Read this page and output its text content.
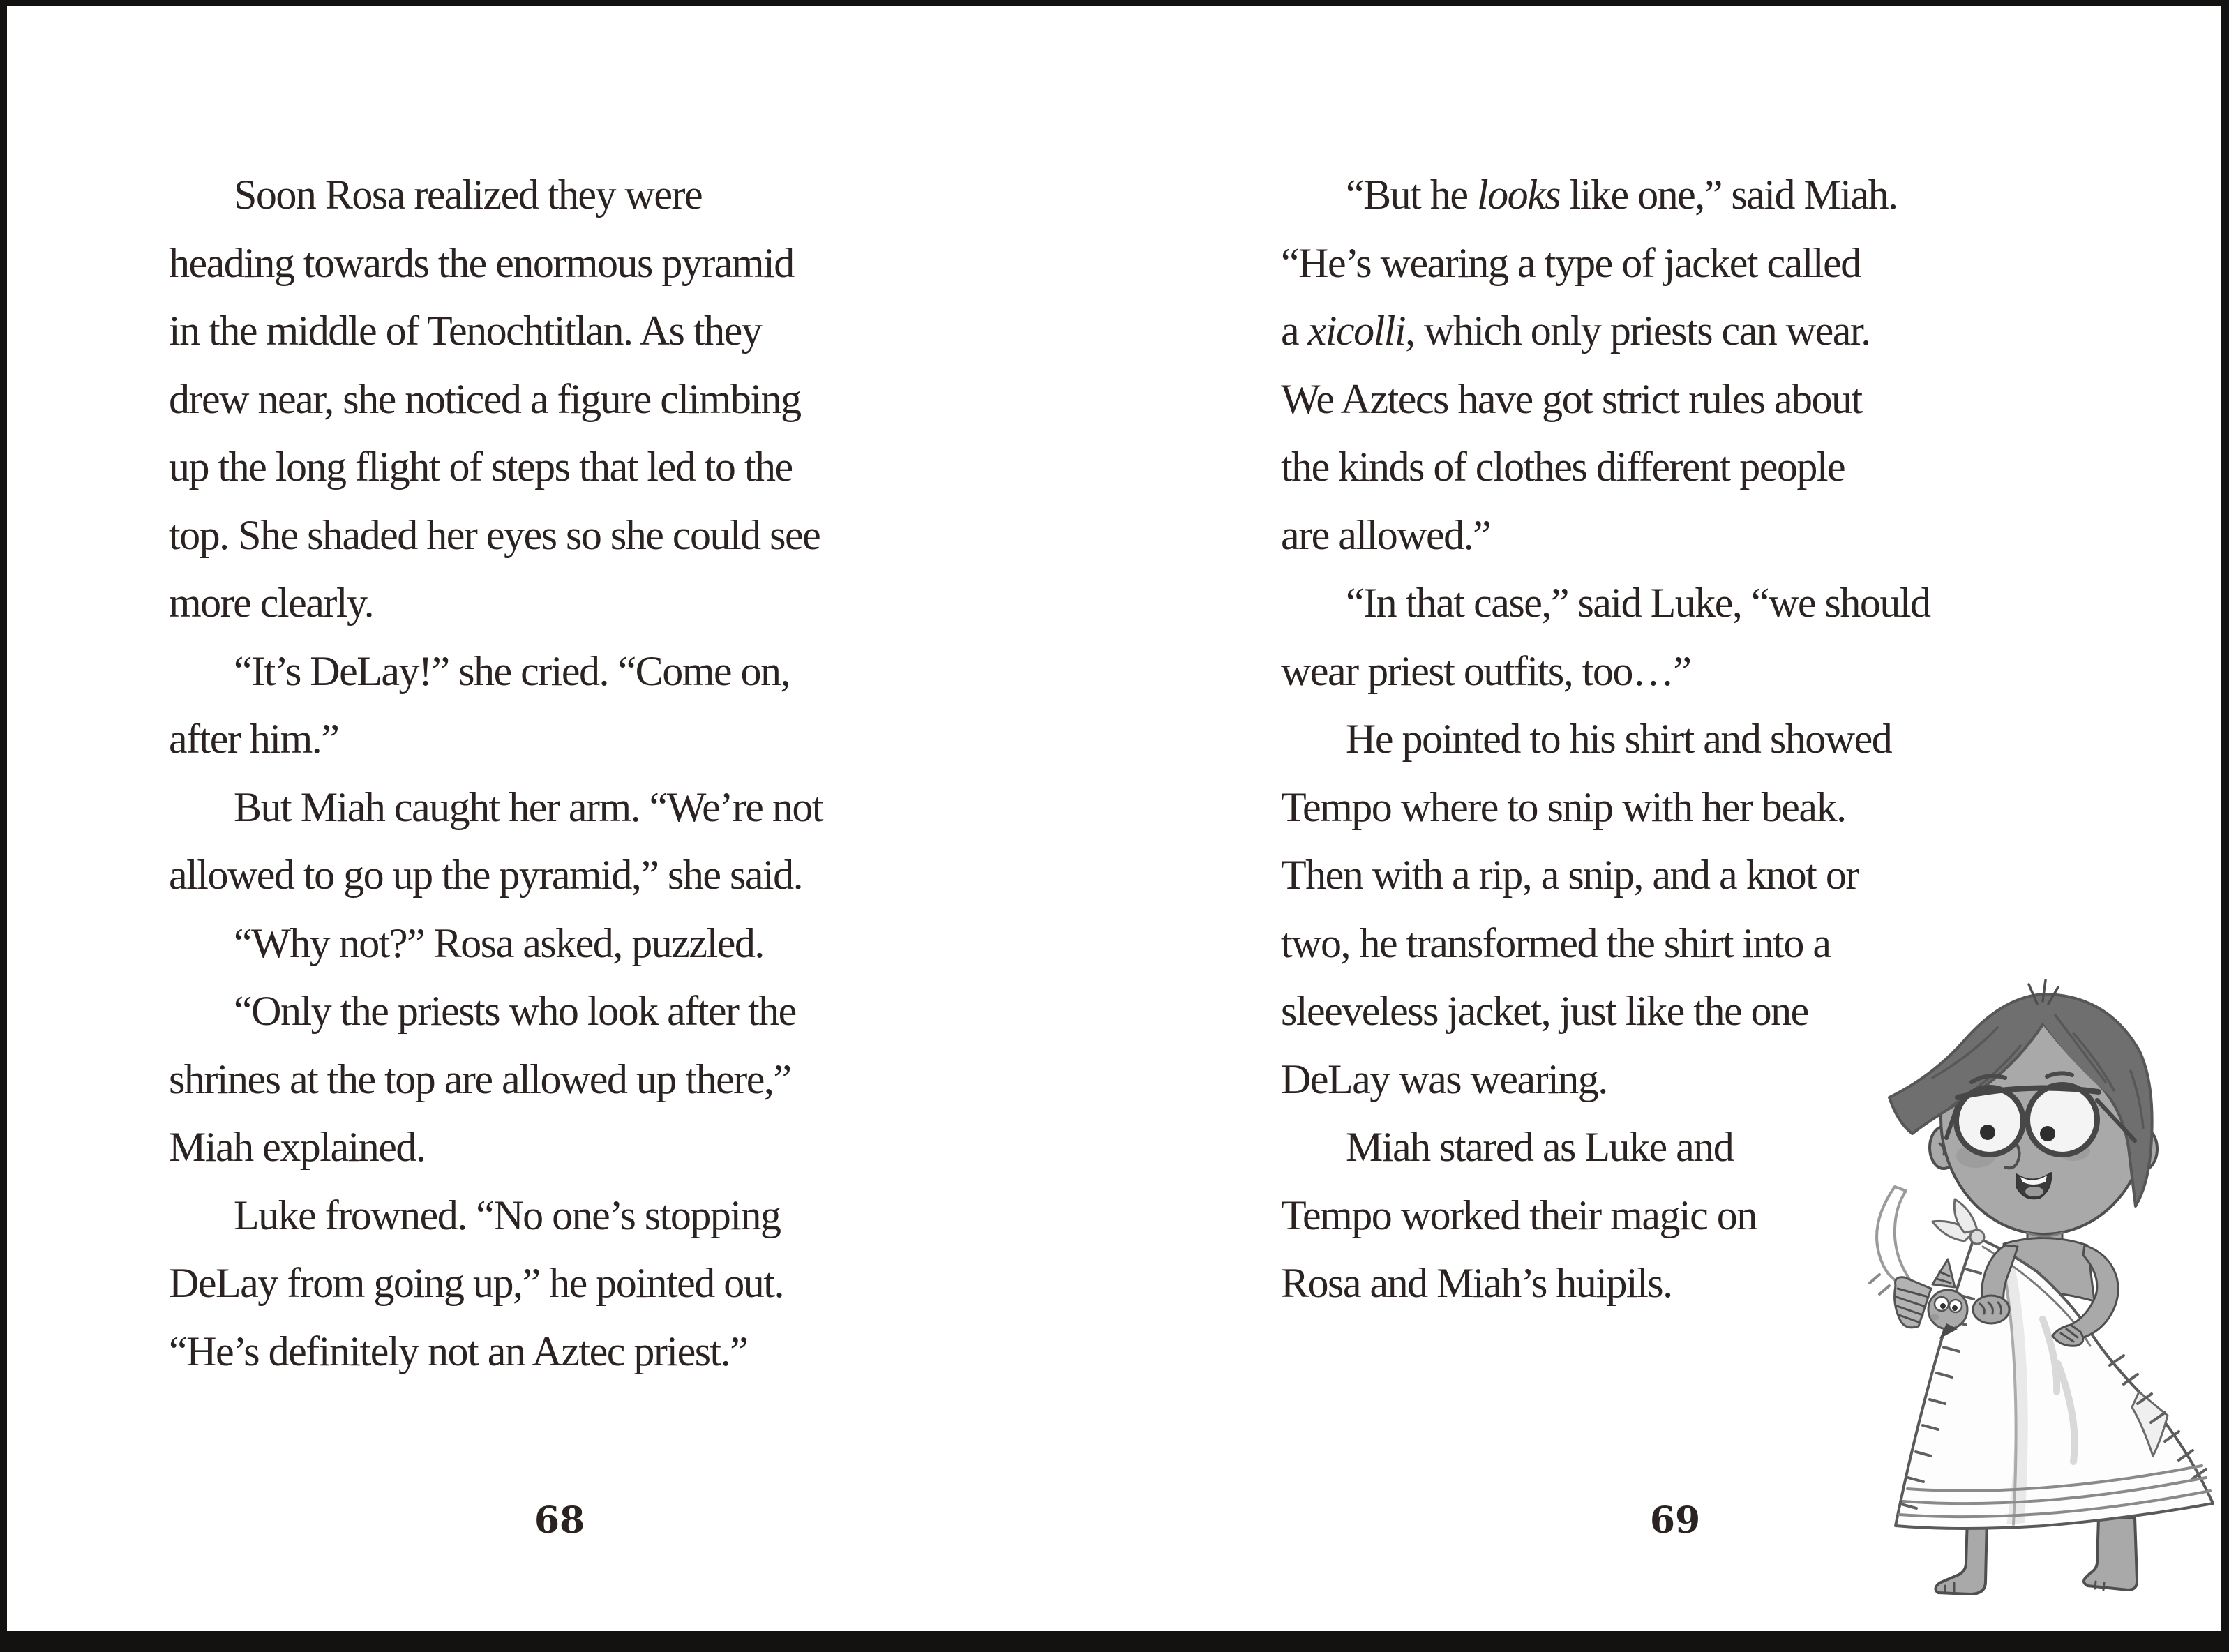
Soon Rosa realized they were
heading towards the enormous pyramid
in the middle of Tenochtitlan. As they
drew near, she noticed a figure climbing
up the long flight of steps that led to the
top. She shaded her eyes so she could see
more clearly.
“It’s DeLay!” she cried. “Come on,
after him.”
But Miah caught her arm. “We’re not
allowed to go up the pyramid,” she said.
“Why not?” Rosa asked, puzzled.
“Only the priests who look after the
shrines at the top are allowed up there,”
Miah explained.
Luke frowned. “No one’s stopping
DeLay from going up,” he pointed out.
“He’s definitely not an Aztec priest.”
“But he looks like one,” said Miah.
“He’s wearing a type of jacket called
a xicolli, which only priests can wear.
We Aztecs have got strict rules about
the kinds of clothes different people
are allowed.”
“In that case,” said Luke, “we should
wear priest outfits, too…”
He pointed to his shirt and showed
Tempo where to snip with her beak.
Then with a rip, a snip, and a knot or
two, he transformed the shirt into a
sleeveless jacket, just like the one
DeLay was wearing.
Miah stared as Luke and
Tempo worked their magic on
Rosa and Miah’s huipils.
68	69
